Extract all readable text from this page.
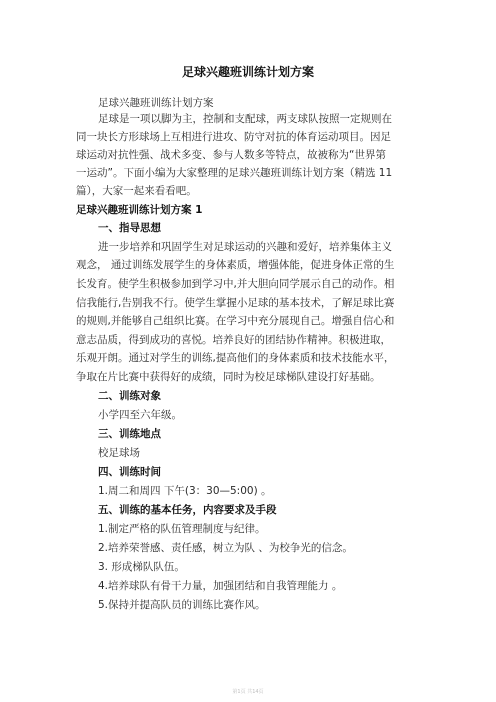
足球兴趣班训练计划方案
足球兴趣班训练计划方案
足球是一项以脚为主，控制和支配球，两支球队按照一定规则在
同一块长方形球场上互相进行进攻、防守对抗的体育运动项目。因足
球运动对抗性强、战术多变、参与人数多等特点，故被称为“世界第
一运动”。下面小编为大家整理的足球兴趣班训练计划方案（精选 11
篇），大家一起来看看吧。
足球兴趣班训练计划方案 1
一、指导思想
进一步培养和巩固学生对足球运动的兴趣和爱好，培养集体主义
观念， 通过训练发展学生的身体素质，增强体能，促进身体正常的生
长发育。使学生积极参加到学习中,并大胆向同学展示自己的动作。相
信我能行,告别我不行。使学生掌握小足球的基本技术，了解足球比赛
的规则,并能够自己组织比赛。在学习中充分展现自己。增强自信心和
意志品质，得到成功的喜悦。培养良好的团结协作精神。积极进取，
乐观开朗。通过对学生的训练,提高他们的身体素质和技术技能水平，
争取在片比赛中获得好的成绩，同时为校足球梯队建设打好基础。
二、训练对象
小学四至六年级。
三、训练地点
校足球场
四、训练时间
1.周二和周四 下午(3：30—5:00) 。
五、训练的基本任务，内容要求及手段
1.制定严格的队伍管理制度与纪律。
2.培养荣誉感、责任感，树立为队 、为校争光的信念。
3. 形成梯队队伍。
4.培养球队有骨干力量，加强团结和自我管理能力 。
5.保持并提高队员的训练比赛作风。
第1页 共14页
